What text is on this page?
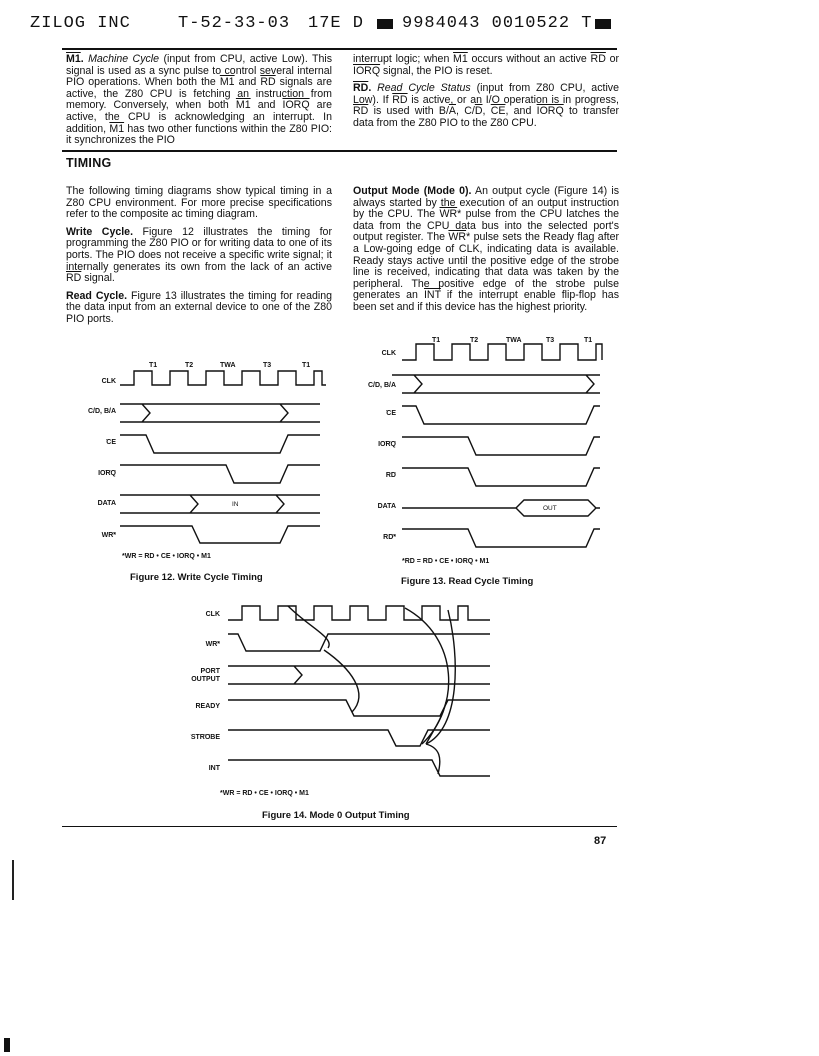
ZILOG INC	T-52-33-03 17E D 9984043 0010522 T

M1. Machine Cycle (input from CPU, active Low). This signal is used as a sync pulse to control several internal PIO operations. When both the M1 and $\overline{RD}$ signals are active, the Z80 CPU is fetching an instruction from memory. Conversely, when both M1 and IORQ are active, the CPU is acknowledging an interrupt. In addition, M1 has two other functions within the Z80 PIO: it synchronizes the PIO

interrupt logic; when M1 occurs without an active $\overline{RD}$ or IORQ signal, the PIO is reset.

$\overline{RD}$. Read Cycle Status (input from Z80 CPU, active Low). If $\overline{RD}$ is active, or an I/O operation is in progress, $\overline{RD}$ is used with $B/\overline{A}$, $C/\overline{D}$, $\overline{CE}$, and IORQ to transfer data from the Z80 PIO to the Z80 CPU.

TIMING

The following timing diagrams show typical timing in a Z80 CPU environment. For more precise specifications refer to the composite ac timing diagram.

Write Cycle. Figure 12 illustrates the timing for programming the Z80 PIO or for writing data to one of its ports. The PIO does not receive a specific write signal; it internally generates its own from the lack of an active $\overline{RD}$ signal.

Read Cycle. Figure 13 illustrates the timing for reading the data input from an external device to one of the Z80 PIO ports.

Output Mode (Mode 0). An output cycle (Figure 14) is always started by the execution of an output instruction by the CPU. The $\overline{WR}*$ pulse from the CPU latches the data from the CPU data bus into the selected port's output register. The $\overline{WR}*$ pulse sets the Ready flag after a Low-going edge of CLK, indicating data is available. Ready stays active until the positive edge of the strobe line is received, indicating that data was taken by the peripheral. The positive edge of the strobe pulse generates an $\overline{INT}$ if the interrupt enable flip-flop has been set and if this device has the highest priority.

T1	T2	TWA	T3	T1
CLK
C/D, B/A
CE
IORQ
DATA
WR*
IN
*WR = RD • CE • IORQ • M1
Figure 12. Write Cycle Timing
T1	T2	TWA	T3	T1
CLK
C/D, B/A
CE
IORQ
RD
DATA
RD*
OUT
*RD = RD • CE • IORQ • M1
Figure 13. Read Cycle Timing
CLK
WR*
PORT
OUTPUT
READY
STROBE
INT
*WR = RD • CE • IORQ • M1
Figure 14. Mode 0 Output Timing
87
